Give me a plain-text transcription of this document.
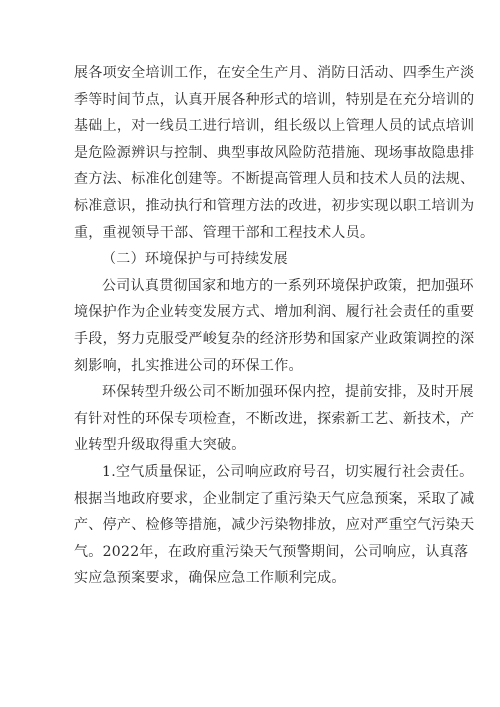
展各项安全培训工作，在安全生产月、消防日活动、四季生产淡
季等时间节点，认真开展各种形式的培训，特别是在充分培训的
基础上，对一线员工进行培训，组长级以上管理人员的试点培训
是危险源辨识与控制、典型事故风险防范措施、现场事故隐患排
查方法、标准化创建等。不断提高管理人员和技术人员的法规、
标准意识，推动执行和管理方法的改进，初步实现以职工培训为
重，重视领导干部、管理干部和工程技术人员。
（二）环境保护与可持续发展
公司认真贯彻国家和地方的一系列环境保护政策，把加强环
境保护作为企业转变发展方式、增加利润、履行社会责任的重要
手段，努力克服受严峻复杂的经济形势和国家产业政策调控的深
刻影响，扎实推进公司的环保工作。
环保转型升级公司不断加强环保内控，提前安排，及时开展
有针对性的环保专项检查，不断改进，探索新工艺、新技术，产
业转型升级取得重大突破。
1.空气质量保证，公司响应政府号召，切实履行社会责任。
根据当地政府要求，企业制定了重污染天气应急预案，采取了减
产、停产、检修等措施，减少污染物排放，应对严重空气污染天
气。2022年，在政府重污染天气预警期间，公司响应，认真落
实应急预案要求，确保应急工作顺利完成。
